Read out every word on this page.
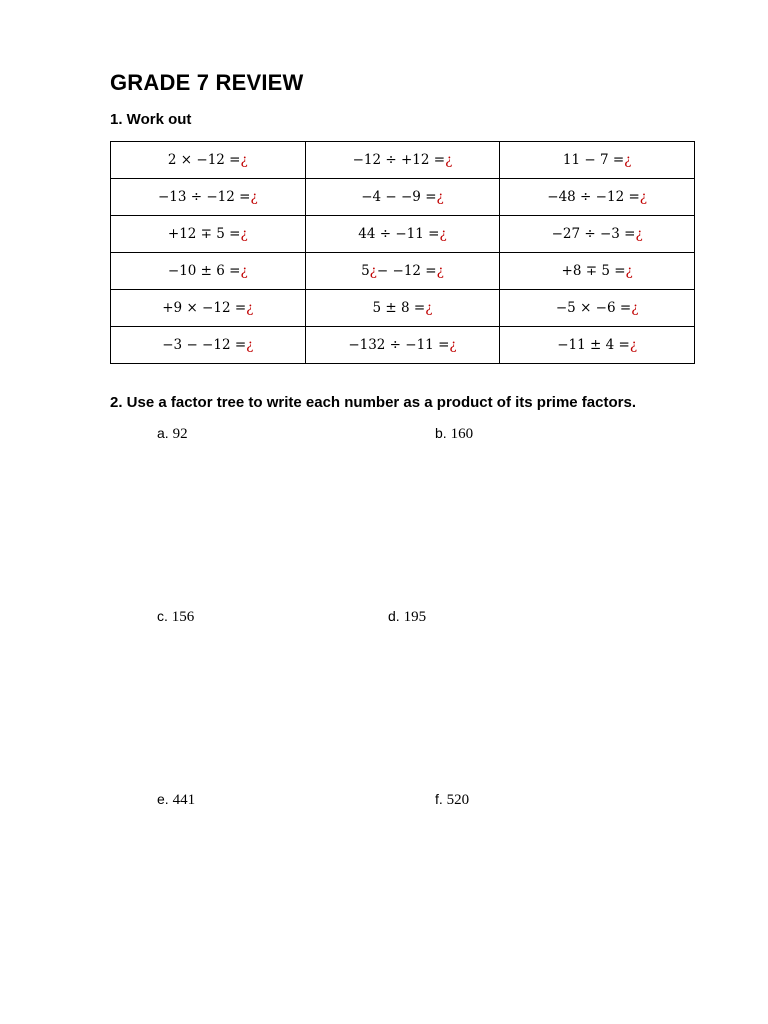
GRADE 7 REVIEW
1. Work out
2 × −12 =¿	−12 ÷ +12 =¿	11 − 7 =¿
−13 ÷ −12 =¿	−4 − −9 =¿	−48 ÷ −12 =¿
+12 ∓ 5 =¿	44 ÷ −11 =¿	−27 ÷ −3 =¿
−10 ± 6 =¿	5¿− −12 =¿	+8 ∓ 5 =¿
+9 × −12 =¿	5 ± 8 =¿	−5 × −6 =¿
−3 − −12 =¿	−132 ÷ −11 =¿	−11 ± 4 =¿
2. Use a factor tree to write each number as a product of its prime factors.
a. 92	b. 160
c. 156	d. 195
e. 441	f. 520
